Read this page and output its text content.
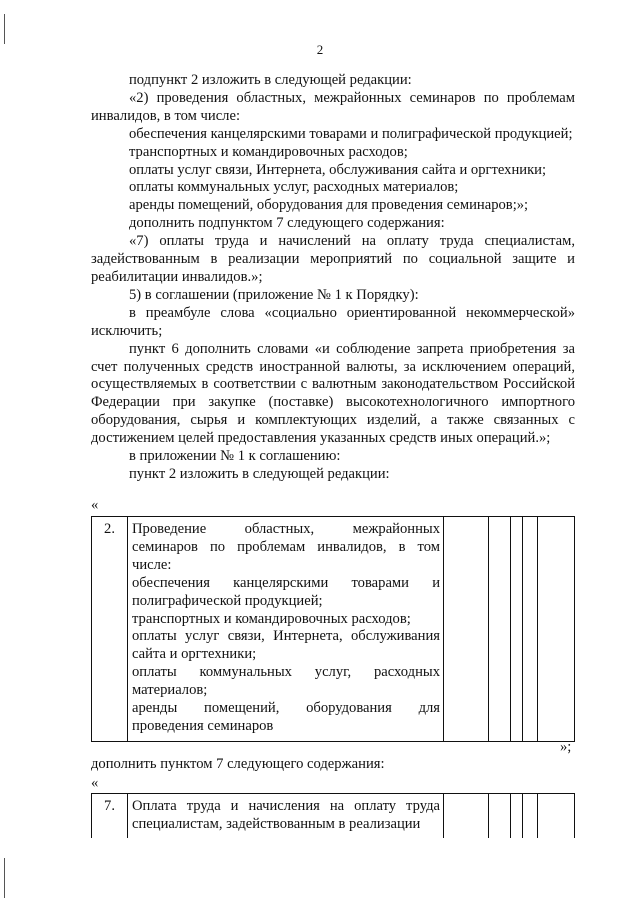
2

подпункт 2 изложить в следующей редакции:

«2) проведения областных, межрайонных семинаров по проблемам инвалидов, в том числе:

обеспечения канцелярскими товарами и полиграфической продукцией;

транспортных и командировочных расходов;

оплаты услуг связи, Интернета, обслуживания сайта и оргтехники;

оплаты коммунальных услуг, расходных материалов;

аренды помещений, оборудования для проведения семинаров;»;

дополнить подпунктом 7 следующего содержания:

«7) оплаты труда и начислений на оплату труда специалистам, задействованным в реализации мероприятий по социальной защите и реабилитации инвалидов.»;

5) в соглашении (приложение № 1 к Порядку):

в преамбуле слова «социально ориентированной некоммерческой» исключить;

пункт 6 дополнить словами «и соблюдение запрета приобретения за счет полученных средств иностранной валюты, за исключением операций, осуществляемых в соответствии с валютным законодательством Российской Федерации при закупке (поставке) высокотехнологичного импортного оборудования, сырья и комплектующих изделий, а также связанных с достижением целей предоставления указанных средств иных операций.»;

в приложении № 1 к соглашению:

пункт 2 изложить в следующей редакции:

«
2.	Проведение областных, межрайонных семинаров по проблемам инвалидов, в том числе:

обеспечения канцелярскими товарами и полиграфической продукцией;

транспортных и командировочных расходов;

оплаты услуг связи, Интернета, обслуживания сайта и оргтехники;

оплаты коммунальных услуг, расходных материалов;

аренды помещений, оборудования для проведения семинаров

»;
дополнить пунктом 7 следующего содержания:
«
7.	Оплата труда и начисления на оплату труда специалистам, задействованным в реализации					
